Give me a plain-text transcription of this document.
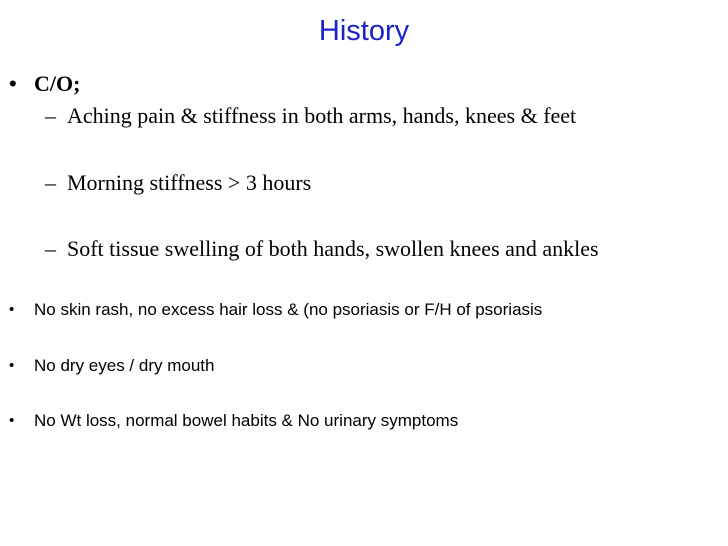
History
• C/O;
– Aching pain & stiffness in both arms, hands, knees & feet
– Morning stiffness > 3 hours
– Soft tissue swelling of both hands, swollen knees and ankles
• No skin rash, no excess hair loss & (no psoriasis or F/H of psoriasis
• No dry eyes / dry mouth
• No Wt loss, normal bowel habits & No urinary symptoms
